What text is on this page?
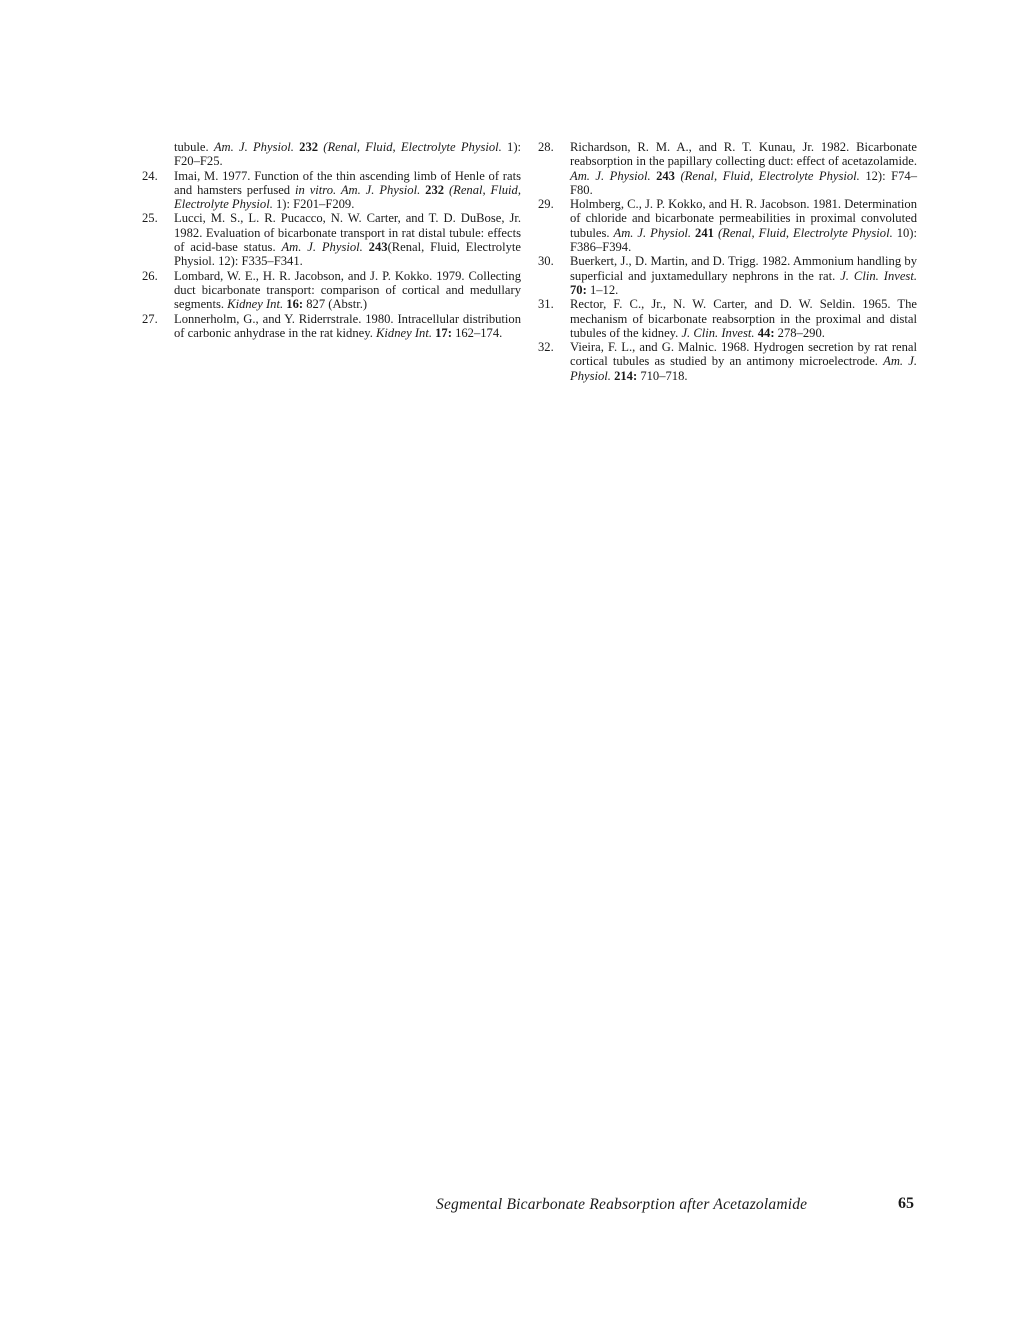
tubule. Am. J. Physiol. 232 (Renal, Fluid, Electrolyte Physiol. 1): F20–F25.

24. Imai, M. 1977. Function of the thin ascending limb of Henle of rats and hamsters perfused in vitro. Am. J. Physiol. 232 (Renal, Fluid, Electrolyte Physiol. 1): F201–F209.

25. Lucci, M. S., L. R. Pucacco, N. W. Carter, and T. D. DuBose, Jr. 1982. Evaluation of bicarbonate transport in rat distal tubule: effects of acid-base status. Am. J. Physiol. 243(Renal, Fluid, Electrolyte Physiol. 12): F335–F341.

26. Lombard, W. E., H. R. Jacobson, and J. P. Kokko. 1979. Collecting duct bicarbonate transport: comparison of cortical and medullary segments. Kidney Int. 16: 827 (Abstr.)

27. Lonnerholm, G., and Y. Riderrstrale. 1980. Intracellular distribution of carbonic anhydrase in the rat kidney. Kidney Int. 17: 162–174.

28. Richardson, R. M. A., and R. T. Kunau, Jr. 1982. Bicarbonate reabsorption in the papillary collecting duct: effect of acetazolamide. Am. J. Physiol. 243 (Renal, Fluid, Electrolyte Physiol. 12): F74–F80.

29. Holmberg, C., J. P. Kokko, and H. R. Jacobson. 1981. Determination of chloride and bicarbonate permeabilities in proximal convoluted tubules. Am. J. Physiol. 241 (Renal, Fluid, Electrolyte Physiol. 10): F386–F394.

30. Buerkert, J., D. Martin, and D. Trigg. 1982. Ammonium handling by superficial and juxtamedullary nephrons in the rat. J. Clin. Invest. 70: 1–12.

31. Rector, F. C., Jr., N. W. Carter, and D. W. Seldin. 1965. The mechanism of bicarbonate reabsorption in the proximal and distal tubules of the kidney. J. Clin. Invest. 44: 278–290.

32. Vieira, F. L., and G. Malnic. 1968. Hydrogen secretion by rat renal cortical tubules as studied by an antimony microelectrode. Am. J. Physiol. 214: 710–718.

Segmental Bicarbonate Reabsorption after Acetazolamide	65
